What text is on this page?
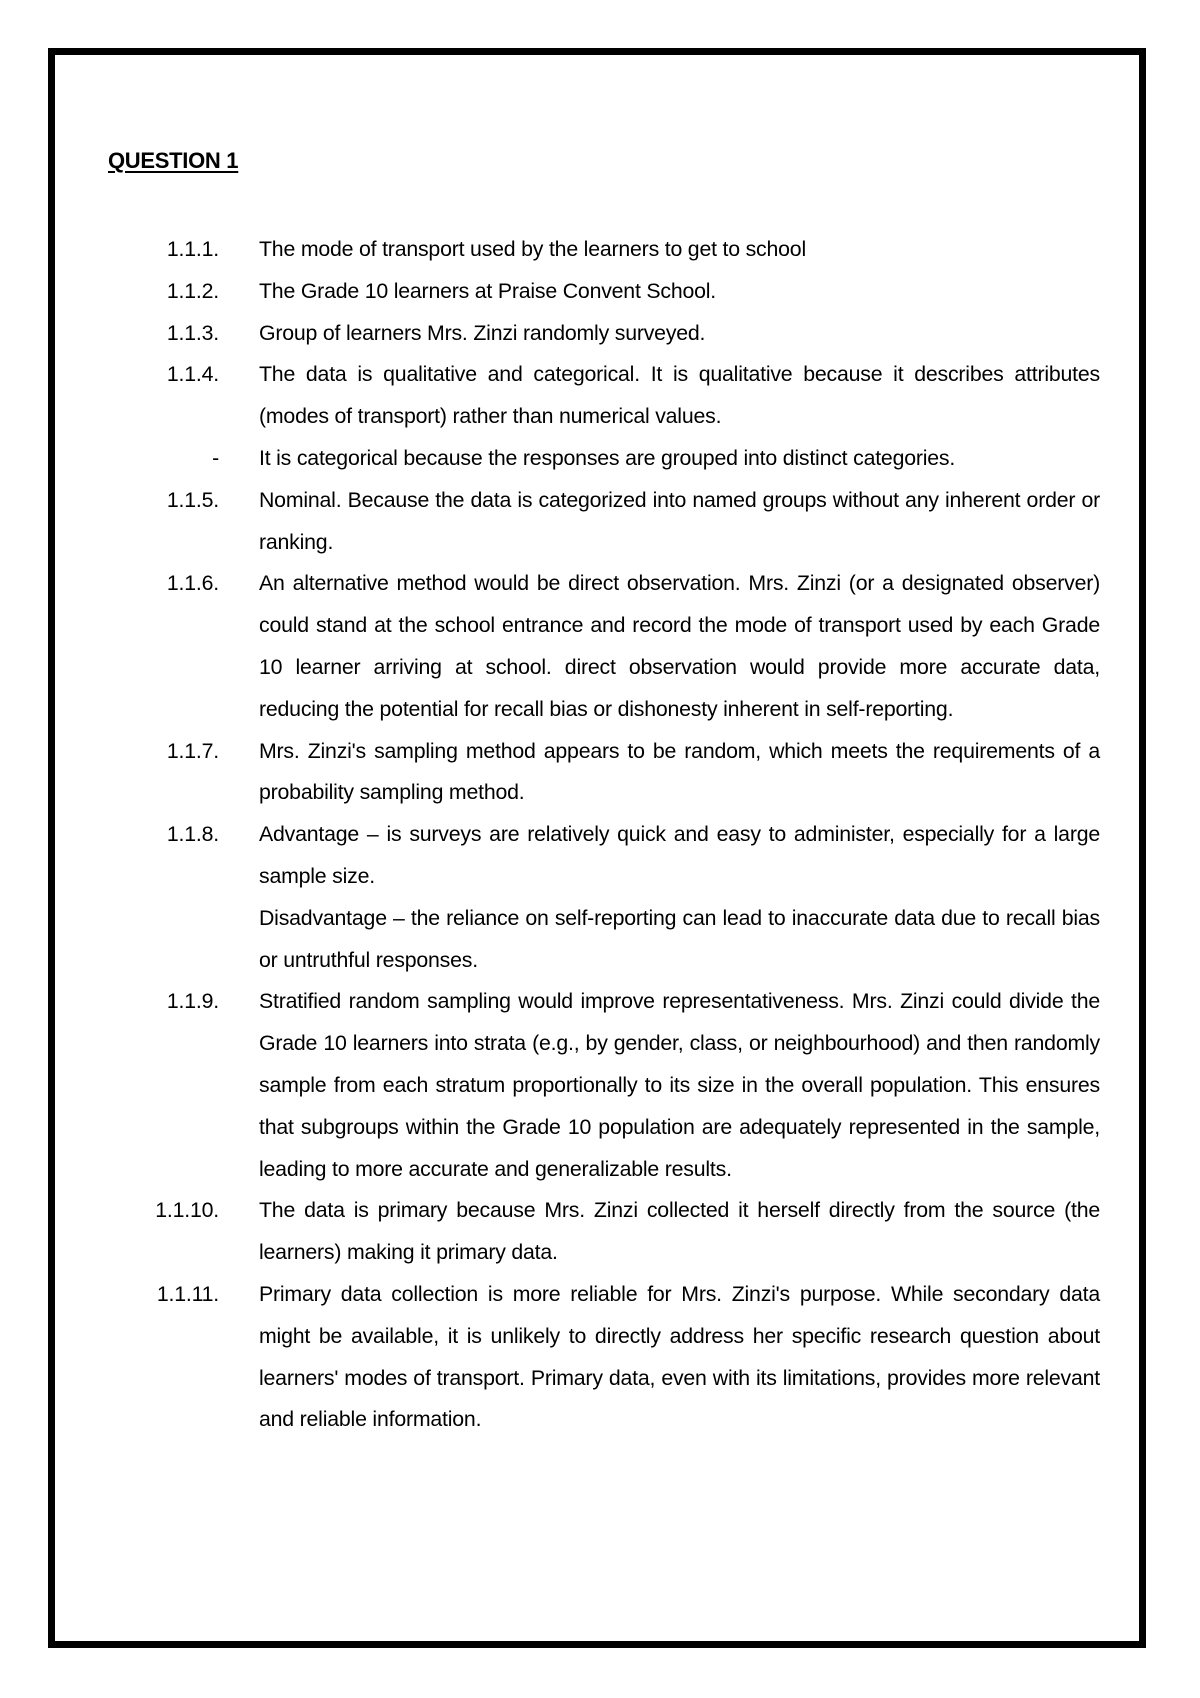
QUESTION 1
1.1.1. The mode of transport used by the learners to get to school
1.1.2. The Grade 10 learners at Praise Convent School.
1.1.3. Group of learners Mrs. Zinzi randomly surveyed.
1.1.4. The data is qualitative and categorical. It is qualitative because it describes attributes (modes of transport) rather than numerical values.
- It is categorical because the responses are grouped into distinct categories.
1.1.5. Nominal. Because the data is categorized into named groups without any inherent order or ranking.
1.1.6. An alternative method would be direct observation. Mrs. Zinzi (or a designated observer) could stand at the school entrance and record the mode of transport used by each Grade 10 learner arriving at school. direct observation would provide more accurate data, reducing the potential for recall bias or dishonesty inherent in self-reporting.
1.1.7. Mrs. Zinzi's sampling method appears to be random, which meets the requirements of a probability sampling method.
1.1.8. Advantage – is surveys are relatively quick and easy to administer, especially for a large sample size.
Disadvantage – the reliance on self-reporting can lead to inaccurate data due to recall bias or untruthful responses.
1.1.9. Stratified random sampling would improve representativeness. Mrs. Zinzi could divide the Grade 10 learners into strata (e.g., by gender, class, or neighbourhood) and then randomly sample from each stratum proportionally to its size in the overall population. This ensures that subgroups within the Grade 10 population are adequately represented in the sample, leading to more accurate and generalizable results.
1.1.10. The data is primary because Mrs. Zinzi collected it herself directly from the source (the learners) making it primary data.
1.1.11. Primary data collection is more reliable for Mrs. Zinzi's purpose. While secondary data might be available, it is unlikely to directly address her specific research question about learners' modes of transport. Primary data, even with its limitations, provides more relevant and reliable information.
